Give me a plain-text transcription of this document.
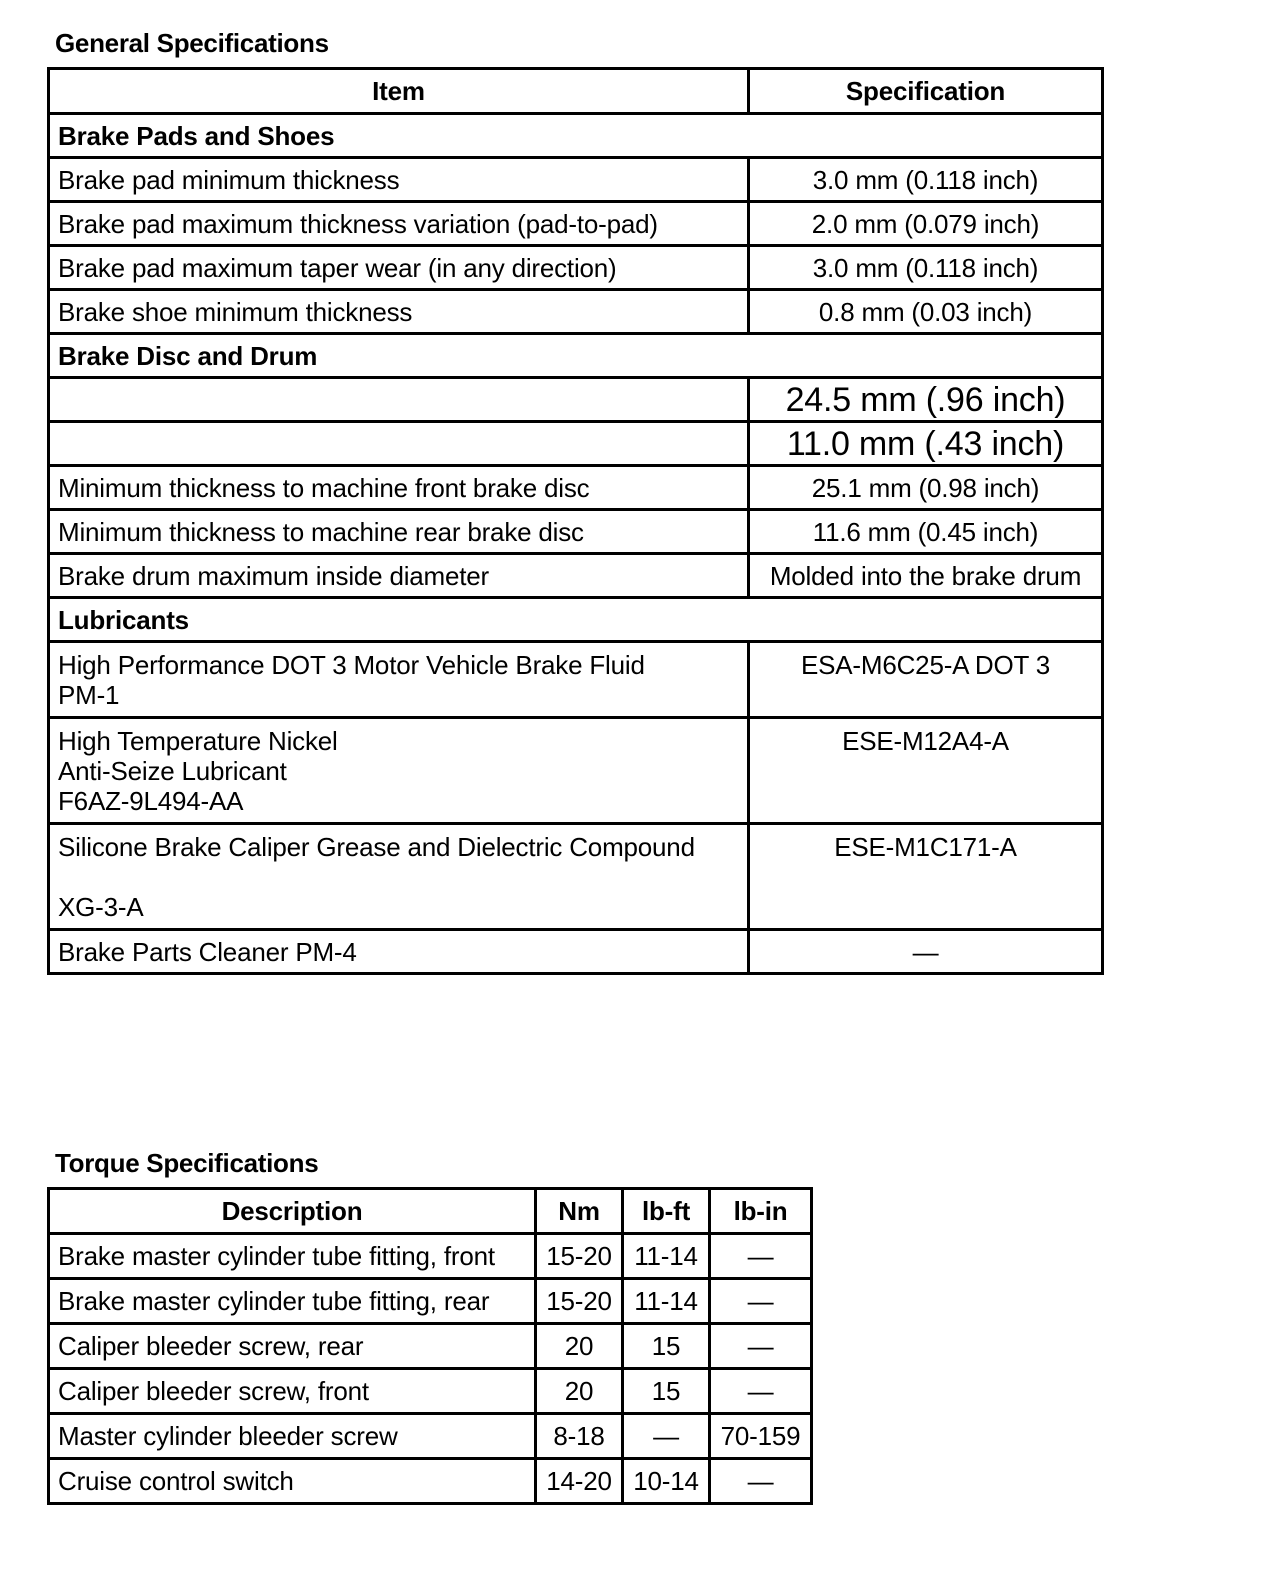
General Specifications
Item	Specification
Brake Pads and Shoes	
Brake pad minimum thickness	3.0 mm (0.118 inch)
Brake pad maximum thickness variation (pad-to-pad)	2.0 mm (0.079 inch)
Brake pad maximum taper wear (in any direction)	3.0 mm (0.118 inch)
Brake shoe minimum thickness	0.8 mm (0.03 inch)
Brake Disc and Drum	
	24.5 mm (.96 inch)
	11.0 mm (.43 inch)
Minimum thickness to machine front brake disc	25.1 mm (0.98 inch)
Minimum thickness to machine rear brake disc	11.6 mm (0.45 inch)
Brake drum maximum inside diameter	Molded into the brake drum
Lubricants	

High Performance DOT 3 Motor Vehicle Brake Fluid
PM-1	ESA-M6C25-A DOT 3

High Temperature Nickel
Anti-Seize Lubricant
F6AZ-9L494-AA	ESE-M12A4-A

Silicone Brake Caliper Grease and Dielectric Compound
XG-3-A	ESE-M1C171-A
Brake Parts Cleaner PM-4	—
Torque Specifications
Description	Nm	lb-ft	lb-in
Brake master cylinder tube fitting, front	15-20	11-14	—
Brake master cylinder tube fitting, rear	15-20	11-14	—
Caliper bleeder screw, rear	20	15	—
Caliper bleeder screw, front	20	15	—
Master cylinder bleeder screw	8-18	—	70-159
Cruise control switch	14-20	10-14	—
